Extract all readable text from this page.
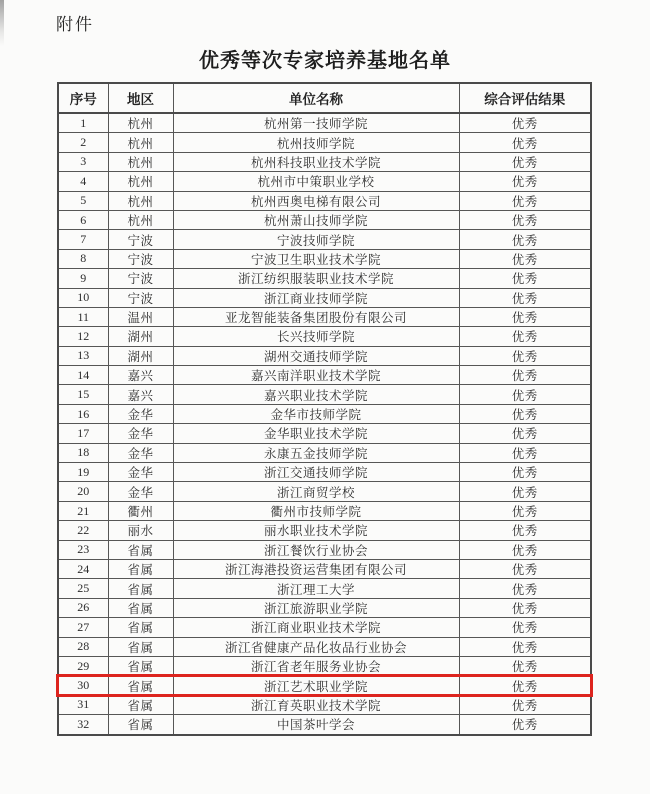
附件
优秀等次专家培养基地名单
序号	地区	单位名称	综合评估结果
1	杭州	杭州第一技师学院	优秀
2	杭州	杭州技师学院	优秀
3	杭州	杭州科技职业技术学院	优秀
4	杭州	杭州市中策职业学校	优秀
5	杭州	杭州西奥电梯有限公司	优秀
6	杭州	杭州萧山技师学院	优秀
7	宁波	宁波技师学院	优秀
8	宁波	宁波卫生职业技术学院	优秀
9	宁波	浙江纺织服装职业技术学院	优秀
10	宁波	浙江商业技师学院	优秀
11	温州	亚龙智能装备集团股份有限公司	优秀
12	湖州	长兴技师学院	优秀
13	湖州	湖州交通技师学院	优秀
14	嘉兴	嘉兴南洋职业技术学院	优秀
15	嘉兴	嘉兴职业技术学院	优秀
16	金华	金华市技师学院	优秀
17	金华	金华职业技术学院	优秀
18	金华	永康五金技师学院	优秀
19	金华	浙江交通技师学院	优秀
20	金华	浙江商贸学校	优秀
21	衢州	衢州市技师学院	优秀
22	丽水	丽水职业技术学院	优秀
23	省属	浙江餐饮行业协会	优秀
24	省属	浙江海港投资运营集团有限公司	优秀
25	省属	浙江理工大学	优秀
26	省属	浙江旅游职业学院	优秀
27	省属	浙江商业职业技术学院	优秀
28	省属	浙江省健康产品化妆品行业协会	优秀
29	省属	浙江省老年服务业协会	优秀
30	省属	浙江艺术职业学院	优秀
31	省属	浙江育英职业技术学院	优秀
32	省属	中国茶叶学会	优秀
